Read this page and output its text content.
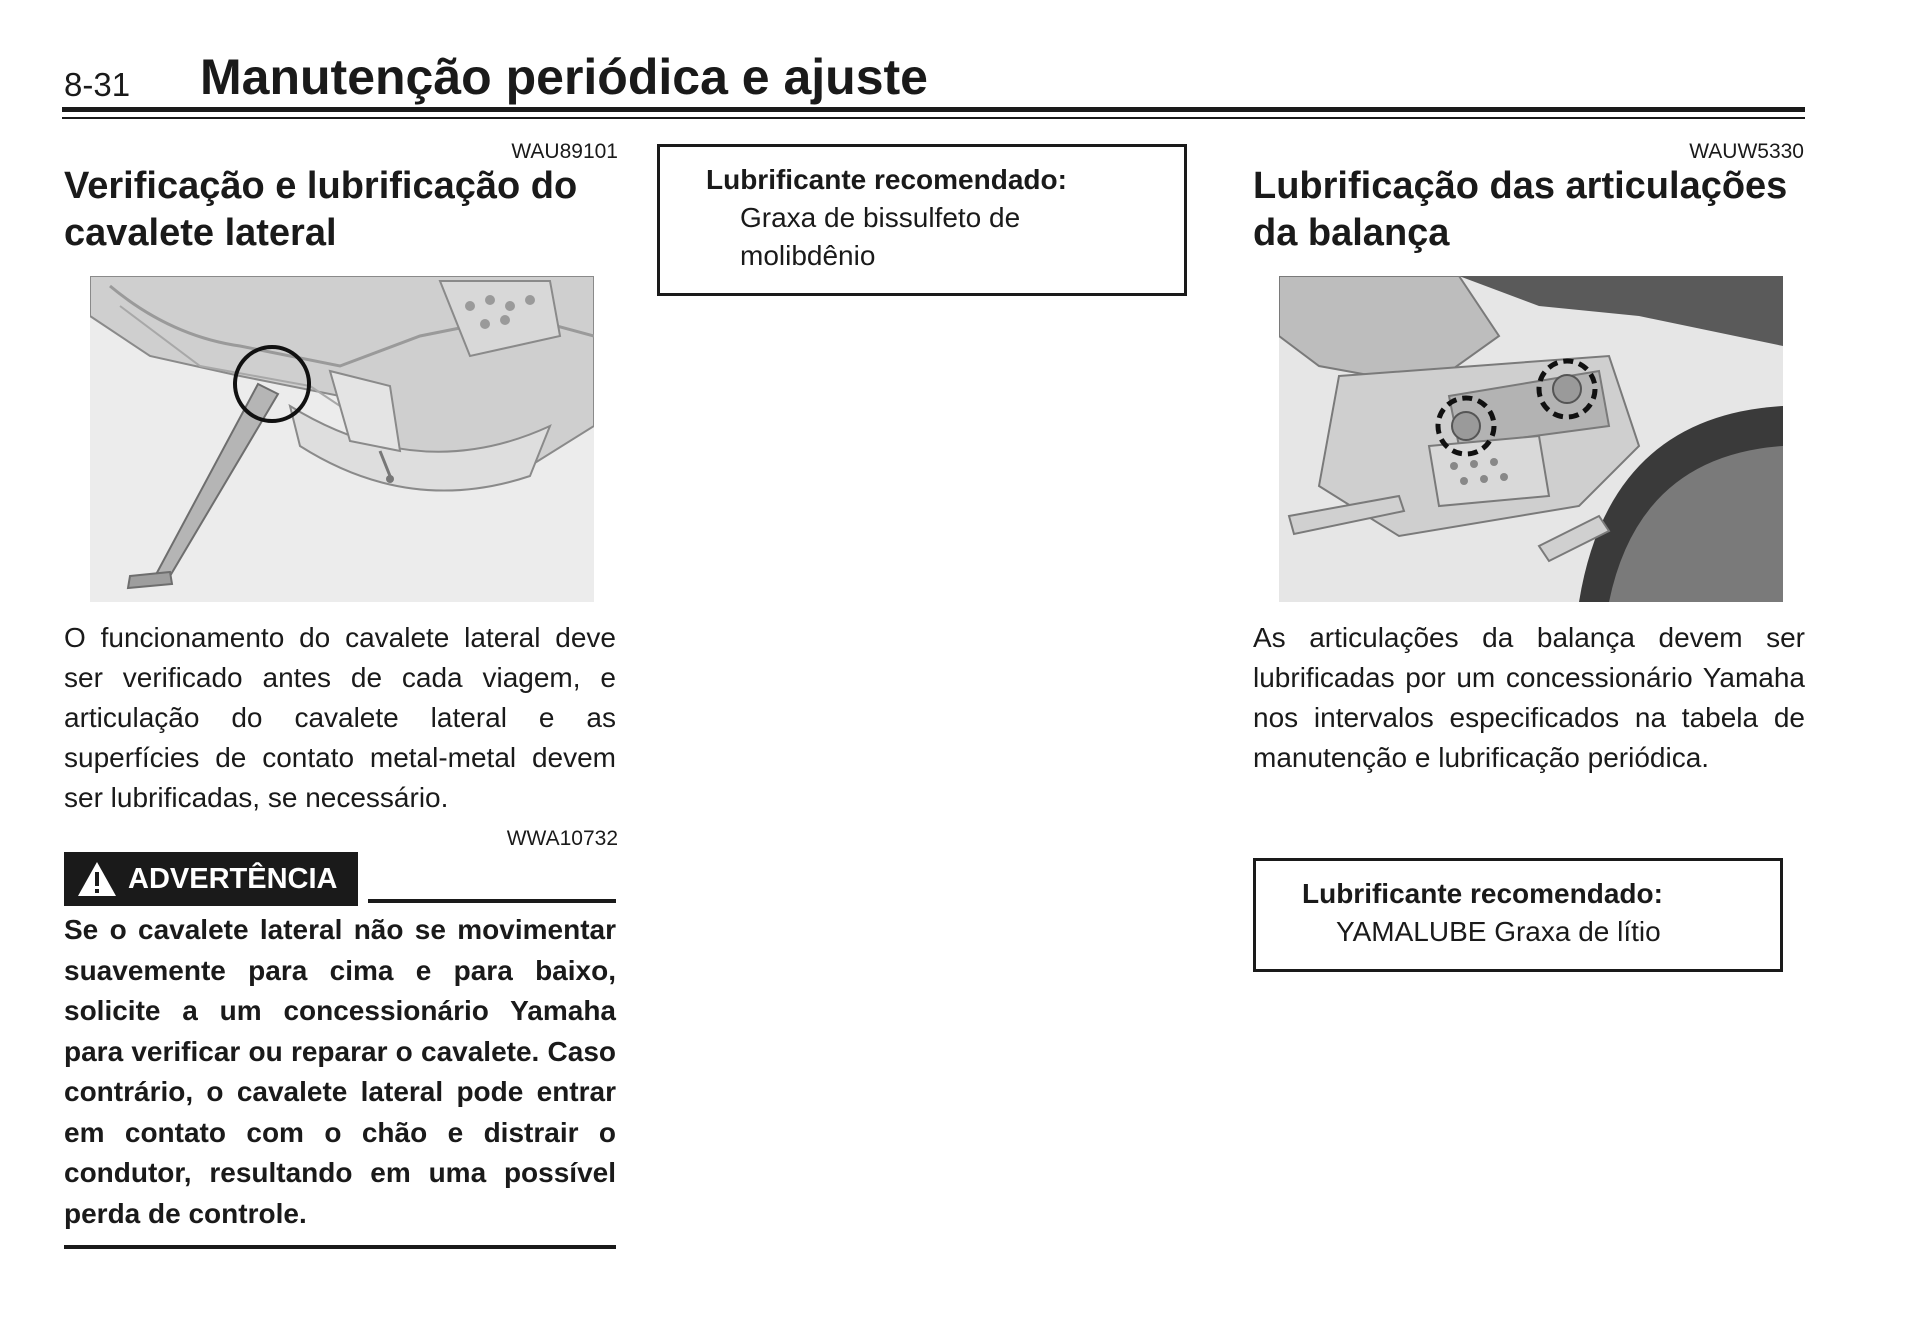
8-31 Manutenção periódica e ajuste
WAU89101
Verificação e lubrificação do
cavalete lateral
O funcionamento do cavalete lateral deve ser verificado antes de cada viagem, e articulação do cavalete lateral e as superfícies de contato metal-metal devem ser lubrificadas, se necessário.
WWA10732
ADVERTÊNCIA
Se o cavalete lateral não se movimentar suavemente para cima e para baixo, solicite a um concessionário Yamaha para verificar ou reparar o cavalete. Caso contrário, o cavalete lateral pode entrar em contato com o chão e distrair o condutor, resultando em uma possível perda de controle.
Lubrificante recomendado:
Graxa de bissulfeto de molibdênio
WAUW5330
Lubrificação das articulações
da balança
As articulações da balança devem ser lubrificadas por um concessionário Yamaha nos intervalos especificados na tabela de manutenção e lubrificação periódica.
Lubrificante recomendado:
YAMALUBE Graxa de lítio
